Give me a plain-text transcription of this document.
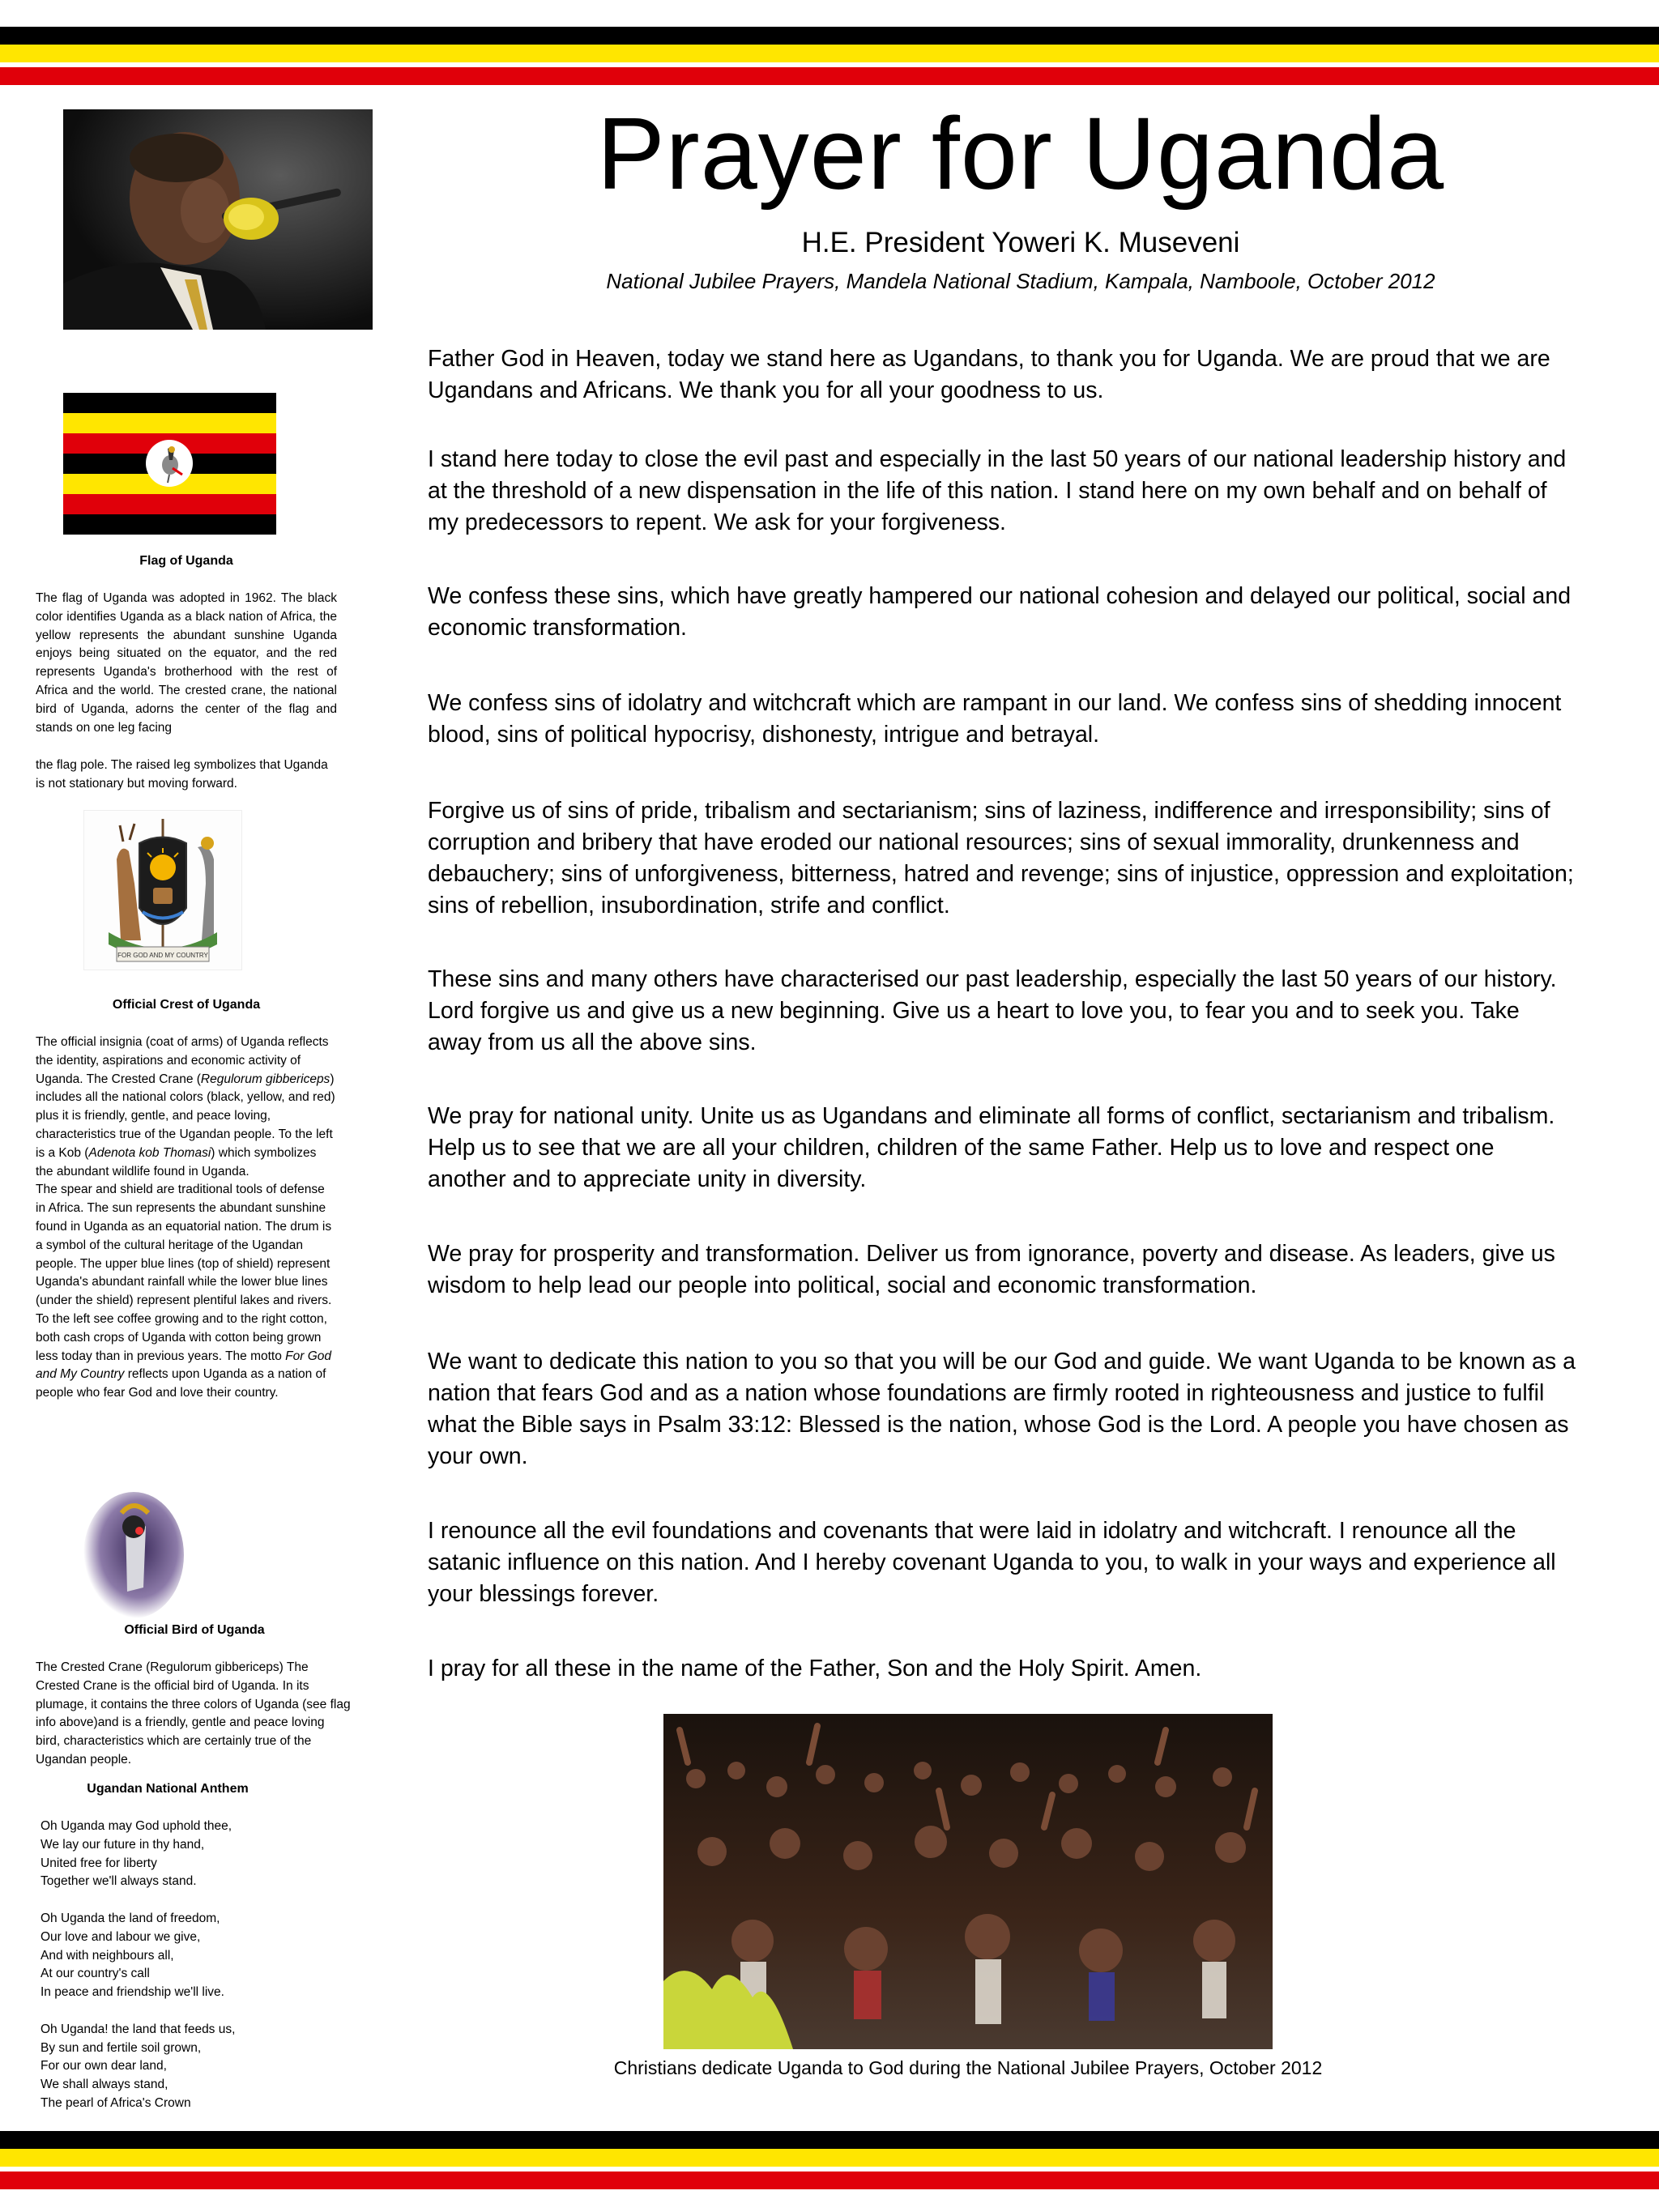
Flag of Uganda
The flag of Uganda was adopted in 1962. The black color identifies Uganda as a black nation of Africa, the yellow represents the abundant sunshine Uganda enjoys being situated on the equator, and the red represents Uganda's brotherhood with the rest of Africa and the world. The crested crane, the national bird of Uganda, adorns the center of the flag and stands on one leg facing
the flag pole. The raised leg symbolizes that Uganda is not stationary but moving forward.
FOR GOD AND MY COUNTRY
Official Crest of Uganda
The official insignia (coat of arms) of Uganda reflects the identity, aspirations and economic activity of Uganda. The Crested Crane (Regulorum gibbericeps) includes all the national colors (black, yellow, and red) plus it is friendly, gentle, and peace loving, characteristics true of the Ugandan people. To the left is a Kob (Adenota kob Thomasi) which symbolizes the abundant wildlife found in Uganda.
The spear and shield are traditional tools of defense in Africa. The sun represents the abundant sunshine found in Uganda as an equatorial nation. The drum is a symbol of the cultural heritage of the Ugandan people. The upper blue lines (top of shield) represent Uganda's abundant rainfall while the lower blue lines (under the shield) represent plentiful lakes and rivers. To the left see coffee growing and to the right cotton, both cash crops of Uganda with cotton being grown less today than in previous years. The motto For God and My Country reflects upon Uganda as a nation of people who fear God and love their country.
Official Bird of Uganda
The Crested Crane (Regulorum gibbericeps) The Crested Crane is the official bird of Uganda. In its plumage, it contains the three colors of Uganda (see flag info above)and is a friendly, gentle and peace loving bird, characteristics which are certainly true of the Ugandan people.
Ugandan National Anthem

Oh Uganda may God uphold thee,
We lay our future in thy hand,
United free for liberty
Together we'll always stand.

Oh Uganda the land of freedom,
Our love and labour we give,
And with neighbours all,
At our country's call
In peace and friendship we'll live.

Oh Uganda! the land that feeds us,
By sun and fertile soil grown,
For our own dear land,
We shall always stand,
The pearl of Africa's Crown

Prayer for Uganda
H.E. President Yoweri K. Museveni
National Jubilee Prayers, Mandela National Stadium, Kampala, Namboole, October 2012

Father God in Heaven, today we stand here as Ugandans, to thank you for Uganda. We are proud that we are Ugandans and Africans. We thank you for all your goodness to us.

I stand here today to close the evil past and especially in the last 50 years of our national leadership history and at the threshold of a new dispensation in the life of this nation. I stand here on my own behalf and on behalf of my predecessors to repent. We ask for your forgiveness.

We confess these sins, which have greatly hampered our national cohesion and delayed our political, social and economic transformation.

We confess sins of idolatry and witchcraft which are rampant in our land. We confess sins of shedding innocent blood, sins of political hypocrisy, dishonesty, intrigue and betrayal.

Forgive us of sins of pride, tribalism and sectarianism; sins of laziness, indifference and irresponsibility; sins of corruption and bribery that have eroded our national resources; sins of sexual immorality, drunkenness and debauchery; sins of unforgiveness, bitterness, hatred and revenge; sins of injustice, oppression and exploitation; sins of rebellion, insubordination, strife and conflict.

These sins and many others have characterised our past leadership, especially the last 50 years of our history. Lord forgive us and give us a new beginning. Give us a heart to love you, to fear you and to seek you. Take away from us all the above sins.

We pray for national unity. Unite us as Ugandans and eliminate all forms of conflict, sectarianism and tribalism. Help us to see that we are all your children, children of the same Father. Help us to love and respect one another and to appreciate unity in diversity.

We pray for prosperity and transformation. Deliver us from ignorance, poverty and disease. As leaders, give us wisdom to help lead our people into political, social and economic transformation.

We want to dedicate this nation to you so that you will be our God and guide. We want Uganda to be known as a nation that fears God and as a nation whose foundations are firmly rooted in righteousness and justice to fulfil what the Bible says in Psalm 33:12: Blessed is the nation, whose God is the Lord. A people you have chosen as your own.

I renounce all the evil foundations and covenants that were laid in idolatry and witchcraft. I renounce all the satanic influence on this nation. And I hereby covenant Uganda to you, to walk in your ways and experience all your blessings forever.

I pray for all these in the name of the Father, Son and the Holy Spirit. Amen.

Christians dedicate Uganda to God during the National Jubilee Prayers, October 2012
